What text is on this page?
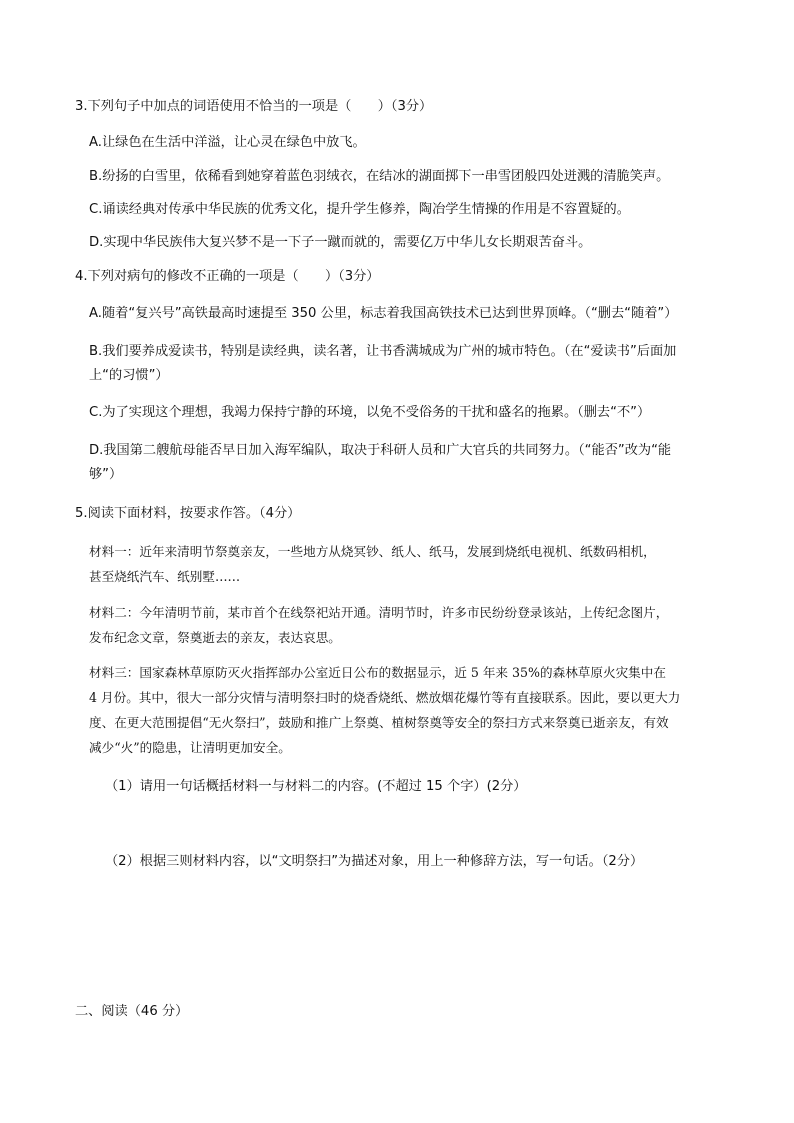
3.下列句子中加点的词语使用不恰当的一项是（　　）（3分）
A.让绿色在生活中洋溢，让心灵在绿色中放飞。
B.纷扬的白雪里，依稀看到她穿着蓝色羽绒衣，在结冰的湖面掷下一串雪团般四处迸溅的清脆笑声。
C.诵读经典对传承中华民族的优秀文化，提升学生修养，陶冶学生情操的作用是不容置疑的。
D.实现中华民族伟大复兴梦不是一下子一蹴而就的，需要亿万中华儿女长期艰苦奋斗。
4.下列对病句的修改不正确的一项是（　　）（3分）
A.随着“复兴号”高铁最高时速提至 350 公里，标志着我国高铁技术已达到世界顶峰。（“删去“随着”）
B.我们要养成爱读书，特别是读经典，读名著，让书香满城成为广州的城市特色。（在“爱读书”后面加
上“的习惯”）
C.为了实现这个理想，我竭力保持宁静的环境，以免不受俗务的干扰和盛名的拖累。（删去“不”）
D.我国第二艘航母能否早日加入海军编队，取决于科研人员和广大官兵的共同努力。（“能否”改为“能
够”）
5.阅读下面材料，按要求作答。（4分）
材料一：近年来清明节祭奠亲友，一些地方从烧冥钞、纸人、纸马，发展到烧纸电视机、纸数码相机，
甚至烧纸汽车、纸别墅……
材料二：今年清明节前，某市首个在线祭祀站开通。清明节时，许多市民纷纷登录该站，上传纪念图片，
发布纪念文章，祭奠逝去的亲友，表达哀思。
材料三：国家森林草原防灭火指挥部办公室近日公布的数据显示，近 5 年来 35%的森林草原火灾集中在
4 月份。其中，很大一部分灾情与清明祭扫时的烧香烧纸、燃放烟花爆竹等有直接联系。因此，要以更大力
度、在更大范围提倡“无火祭扫”，鼓励和推广上祭奠、植树祭奠等安全的祭扫方式来祭奠已逝亲友，有效
减少“火”的隐患，让清明更加安全。
（1）请用一句话概括材料一与材料二的内容。(不超过 15 个字）(2分）
（2）根据三则材料内容，以“文明祭扫”为描述对象，用上一种修辞方法，写一句话。（2分）
二、阅读（46 分）
